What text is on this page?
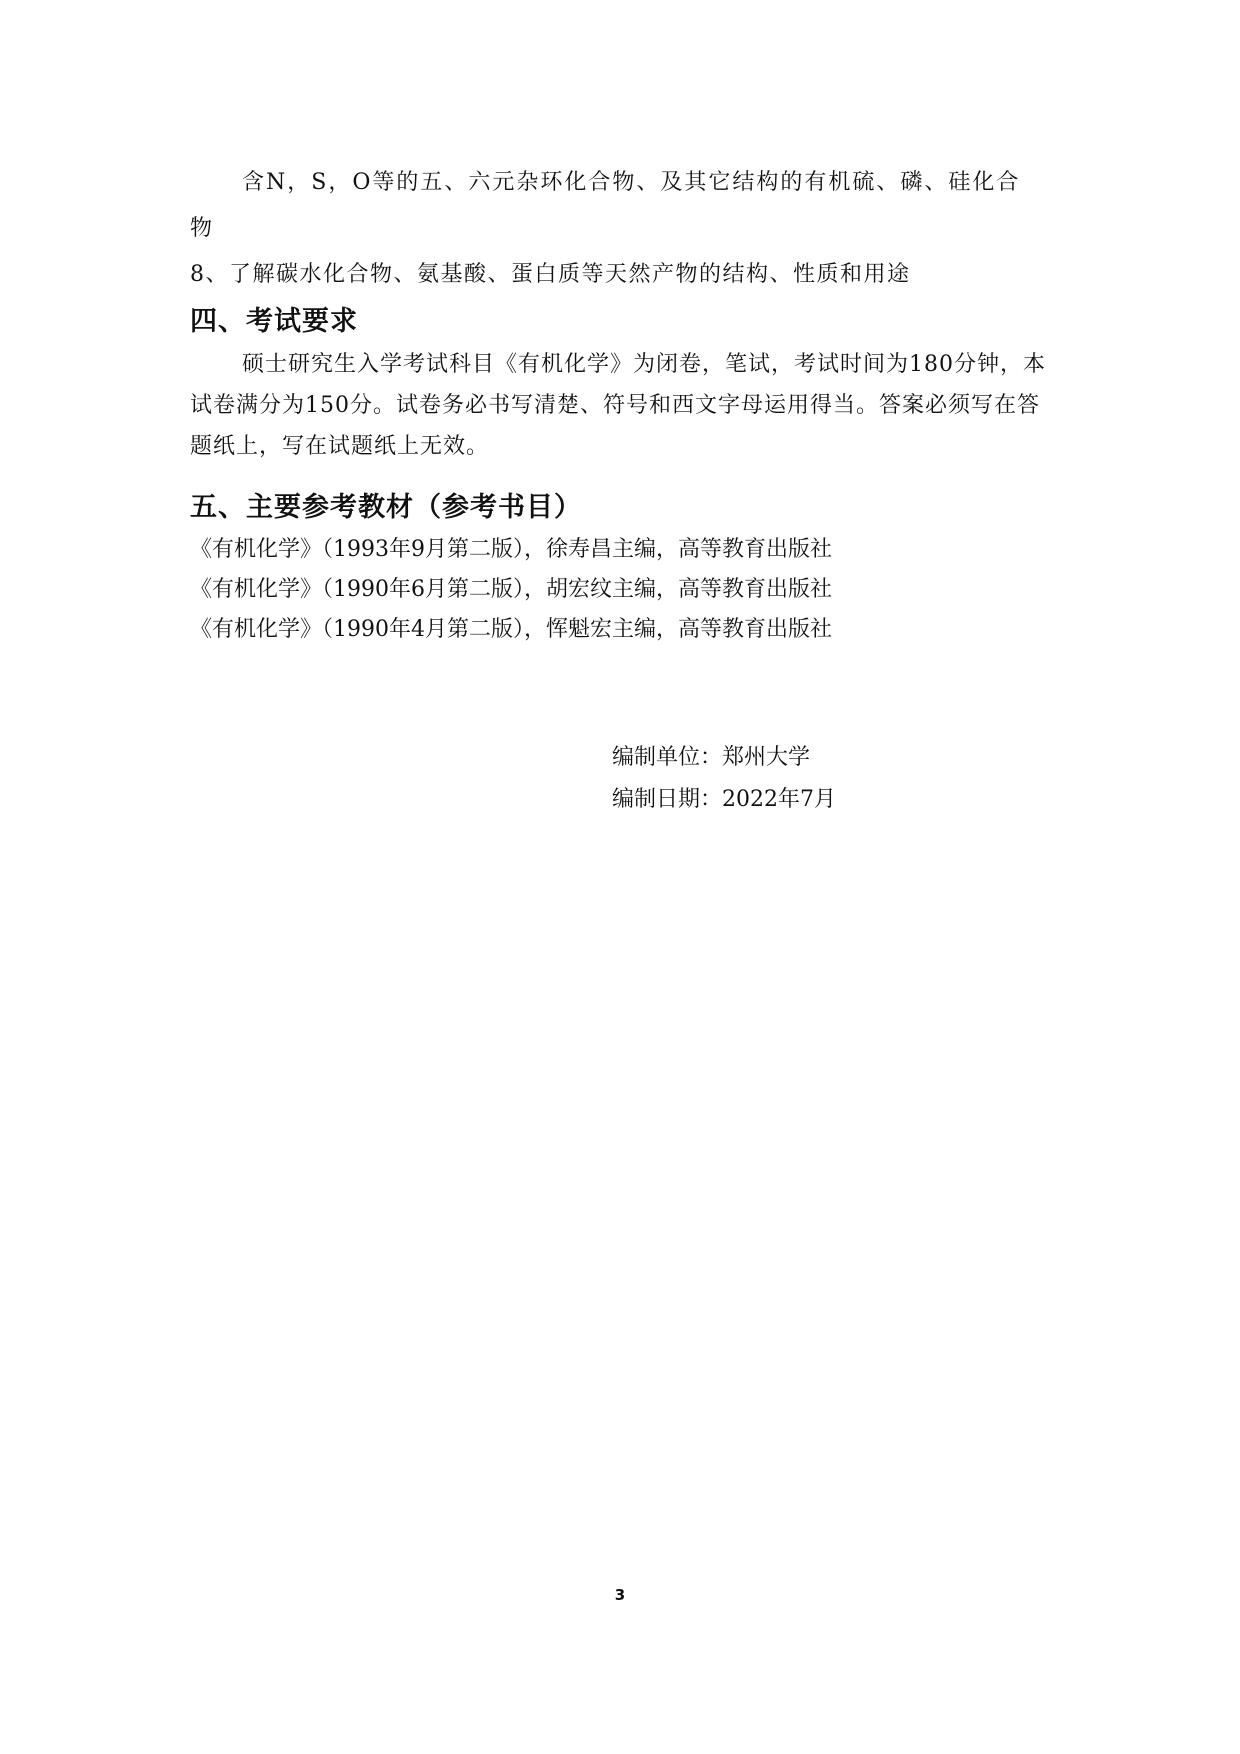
含N，S，O等的五、六元杂环化合物、及其它结构的有机硫、磷、硅化合

物

8、了解碳水化合物、氨基酸、蛋白质等天然产物的结构、性质和用途

四、考试要求

硕士研究生入学考试科目《有机化学》为闭卷，笔试，考试时间为180分钟，本试卷满分为150分。试卷务必书写清楚、符号和西文字母运用得当。答案必须写在答题纸上，写在试题纸上无效。

五、主要参考教材（参考书目）

《有机化学》（1993年9月第二版），徐寿昌主编，高等教育出版社

《有机化学》（1990年6月第二版），胡宏纹主编，高等教育出版社

《有机化学》（1990年4月第二版），恽魁宏主编，高等教育出版社

编制单位：郑州大学

编制日期：2022年7月

3
